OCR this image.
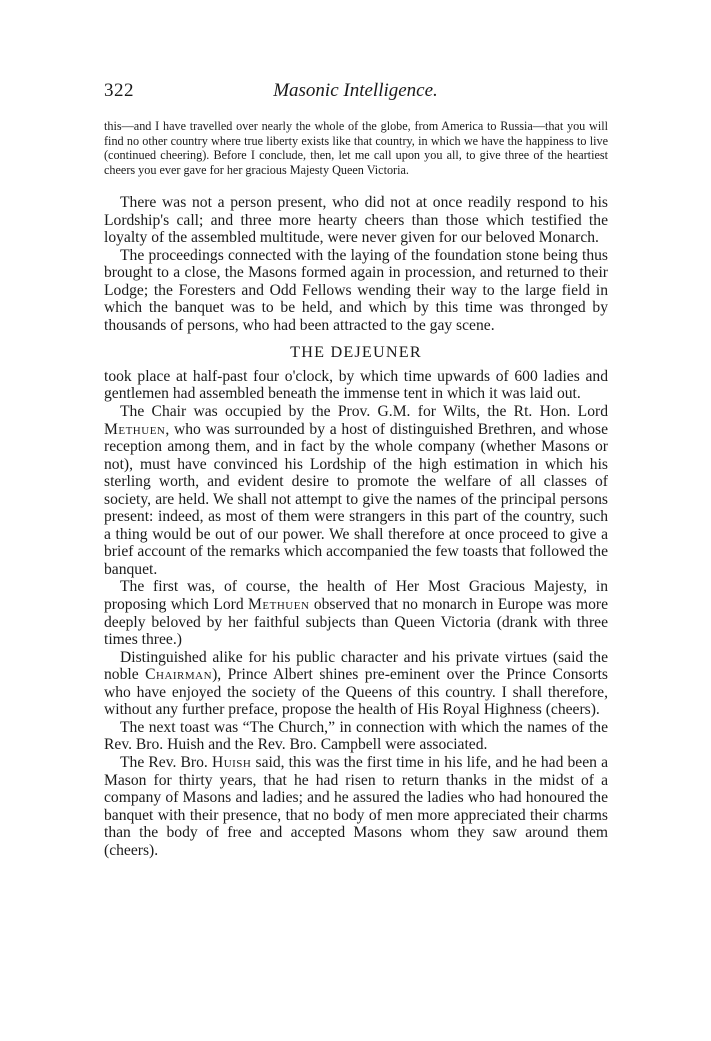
322	Masonic Intelligence.

this—and I have travelled over nearly the whole of the globe, from America to Russia—that you will find no other country where true liberty exists like that country, in which we have the happiness to live (continued cheering). Before I conclude, then, let me call upon you all, to give three of the heartiest cheers you ever gave for her gracious Majesty Queen Victoria.

There was not a person present, who did not at once readily respond to his Lordship's call; and three more hearty cheers than those which testified the loyalty of the assembled multitude, were never given for our beloved Monarch.

The proceedings connected with the laying of the foundation stone being thus brought to a close, the Masons formed again in procession, and returned to their Lodge; the Foresters and Odd Fellows wending their way to the large field in which the banquet was to be held, and which by this time was thronged by thousands of persons, who had been attracted to the gay scene.

THE DEJEUNER

took place at half-past four o'clock, by which time upwards of 600 ladies and gentlemen had assembled beneath the immense tent in which it was laid out.

The Chair was occupied by the Prov. G.M. for Wilts, the Rt. Hon. Lord Methuen, who was surrounded by a host of distinguished Brethren, and whose reception among them, and in fact by the whole company (whether Masons or not), must have convinced his Lordship of the high estimation in which his sterling worth, and evident desire to promote the welfare of all classes of society, are held. We shall not attempt to give the names of the principal persons present: indeed, as most of them were strangers in this part of the country, such a thing would be out of our power. We shall therefore at once proceed to give a brief account of the remarks which accompanied the few toasts that followed the banquet.

The first was, of course, the health of Her Most Gracious Majesty, in proposing which Lord Methuen observed that no monarch in Europe was more deeply beloved by her faithful subjects than Queen Victoria (drank with three times three.)

Distinguished alike for his public character and his private virtues (said the noble Chairman), Prince Albert shines pre-eminent over the Prince Consorts who have enjoyed the society of the Queens of this country. I shall therefore, without any further preface, propose the health of His Royal Highness (cheers).

The next toast was “The Church,” in connection with which the names of the Rev. Bro. Huish and the Rev. Bro. Campbell were associated.

The Rev. Bro. Huish said, this was the first time in his life, and he had been a Mason for thirty years, that he had risen to return thanks in the midst of a company of Masons and ladies; and he assured the ladies who had honoured the banquet with their presence, that no body of men more appreciated their charms than the body of free and accepted Masons whom they saw around them (cheers).
